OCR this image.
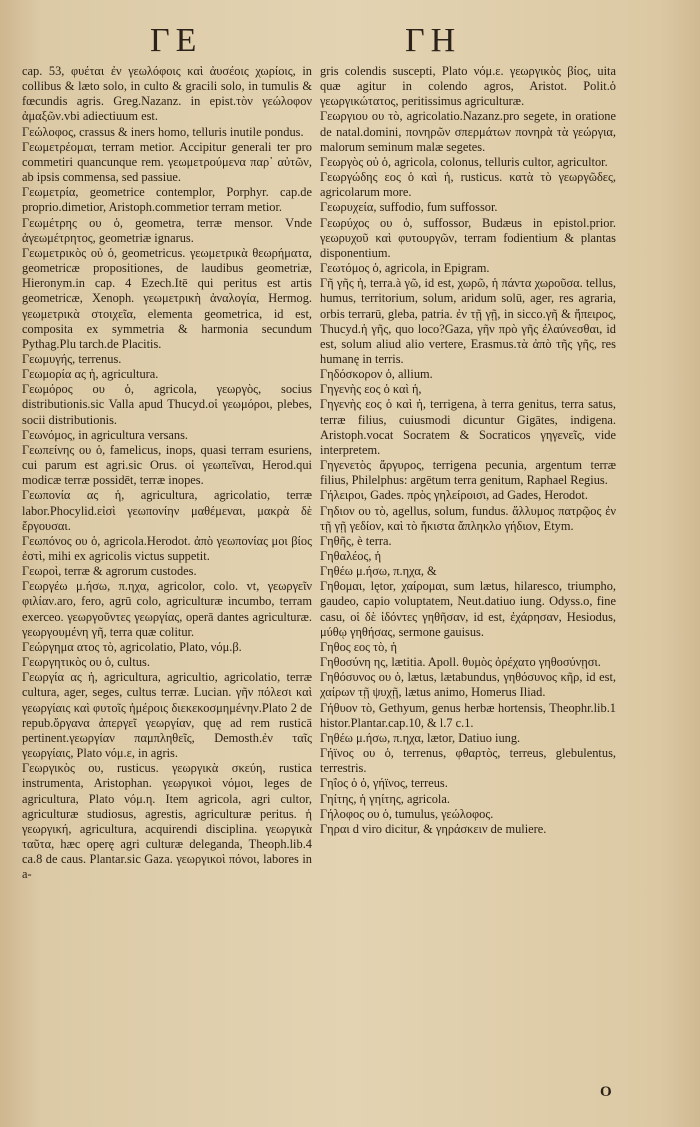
ΓΕ	ΓΗ

cap. 53, φυέται ἐν γεωλόφοις καὶ ἀυσέοις χωρίοις, in collibus & læto solo, in culto & gracili solo, in tumulis & fœcundis agris. Greg.Nazanz. in epist.τὸν γεώλοφον ἀμαξῶν.vbi adiectiuum est.

Γεώλοφος, crassus & iners homo, telluris inutile pondus.

Γεωμετρέομαι, terram metior. Accipitur generali ter pro commetiri quancunque rem. γεωμετρούμενα παρ᾽ αὐτῶν, ab ipsis commensa, sed passiue.

Γεωμετρία, geometrice contemplor, Porphyr. cap.de proprio.dimetior, Aristoph.commetior terram metior.

Γεωμέτρης ου ὁ, geometra, terræ mensor. Vnde ἀγεωμέτρητος, geometriæ ignarus.

Γεωμετρικὸς οὐ ὁ, geometricus. γεωμετρικὰ θεωρήματα, geometricæ propositiones, de laudibus geometriæ, Hieronym.in cap. 4 Ezech.Itē qui peritus est artis geometricæ, Xenoph. γεωμετρικὴ ἀναλογία, Hermog. γεωμετρικὰ στοιχεῖα, elementa geometrica, id est, composita ex symmetria & harmonia secundum Pythag.Plu tarch.de Placitis.

Γεωμυγής, terrenus.

Γεωμορία ας ἡ, agricultura.

Γεωμόρος ου ὁ, agricola, γεωργὸς, socius distributionis.sic Valla apud Thucyd.οἱ γεωμόροι, plebes, socii distributionis.

Γεωνόμος, in agricultura versans.

Γεωπείνης ου ὁ, famelicus, inops, quasi terram esuriens, cui parum est agri.sic Orus. οἱ γεωπεῖναι, Herod.qui modicæ terræ possidēt, terræ inopes.

Γεωπονία ας ἡ, agricultura, agricolatio, terræ labor.Phocylid.εἰσὶ γεωπονίην μαθέμεναι, μακρὰ δὲ ἔργουσαι.

Γεωπόνος ου ὁ, agricola.Herodot. ἀπὸ γεωπονίας μοι βίος ἐστὶ, mihi ex agricolis victus suppetit.

Γεωροὶ, terræ & agrorum custodes.

Γεωργέω μ.ήσω, π.ηχα, agricolor, colo. vt, γεωργεῖν φιλίαν.aro, fero, agrū colo, agriculturæ incumbo, terram exerceo. γεωργοῦντες γεωργίας, operā dantes agriculturæ. γεωργουμένη γῆ, terra quæ colitur.

Γεώργημα ατος τὸ, agricolatio, Plato, νόμ.β.

Γεωργητικὸς ου ὁ, cultus.

Γεωργία ας ἡ, agricultura, agricultio, agricolatio, terræ cultura, ager, seges, cultus terræ. Lucian. γῆν πόλεσι καὶ γεωργίαις καὶ φυτοῖς ἡμέροις διεκεκοσμημένην.Plato 2 de repub.ὄργανα ἀπεργεῖ γεωργίαν, quę ad rem rusticā pertinent.γεωργίαν παμπληθεῖς, Demosth.ἐν ταῖς γεωργίαις, Plato νόμ.ε, in agris.

Γεωργικὸς ου, rusticus. γεωργικὰ σκεύη, rustica instrumenta, Aristophan. γεωργικοὶ νόμοι, leges de agricultura, Plato νόμ.η. Item agricola, agri cultor, agriculturæ studiosus, agrestis, agriculturæ peritus. ἡ γεωργική, agricultura, acquirendi disciplina. γεωργικὰ ταῦτα, hæc operę agri culturæ deleganda, Theoph.lib.4 ca.8 de caus. Plantar.sic Gaza. γεωργικοὶ πόνοι, labores in a-

gris colendis suscepti, Plato νόμ.ε. γεωργικὸς βίος, uita quæ agitur in colendo agros, Aristot. Polit.ὁ γεωργικώτατος, peritissimus agriculturæ.

Γεωργιου ου τὸ, agricolatio.Nazanz.pro segete, in oratione de natal.domini, πονηρῶν σπερμάτων πονηρὰ τὰ γεώργια, malorum seminum malæ segetes.

Γεωργὸς οὐ ὁ, agricola, colonus, telluris cultor, agricultor.

Γεωργώδης εος ὁ καὶ ἡ, rusticus. κατὰ τὸ γεωργῶδες, agricolarum more.

Γεωρυχεία, suffodio, fum suffossor.

Γεωρύχος ου ὁ, suffossor, Budæus in epistol.prior. γεωρυχοῦ καὶ φυτουργῶν, terram fodientium & plantas disponentium.

Γεωτόμος ὁ, agricola, in Epigram.

Γῆ γῆς ἡ, terra.à γῶ, id est, χωρῶ, ἡ πάντα χωροῦσα. tellus, humus, territorium, solum, aridum solū, ager, res agraria, orbis terrarū, gleba, patria. ἐν τῇ γῇ, in sicco.γῆ & ἤπειρος, Thucyd.ἡ γῆς, quo loco?Gaza, γῆν πρὸ γῆς ἐλαύνεσθαι, id est, solum aliud alio vertere, Erasmus.τὰ ἀπὸ τῆς γῆς, res humanę in terris.

Γηδόσκορον ὁ, allium.

Γηγενὴς εος ὁ καὶ ἡ,

Γηγενὴς εος ὁ καὶ ἡ, terrigena, à terra genitus, terra satus, terræ filius, cuiusmodi dicuntur Gigātes, indigena. Aristoph.vocat Socratem & Socraticos γηγενεῖς, vide interpretem.

Γηγενετὸς ἄργυρος, terrigena pecunia, argentum terræ filius, Philelphus: argētum terra genitum, Raphael Regius.

Γήλειροι, Gades. πρὸς γηλείροισι, ad Gades, Herodot.

Γηδιον ου τὸ, agellus, solum, fundus. ἄλλυμος πατρῷος ἐν τῇ γῇ γεδίον, καὶ τὸ ἤκιστα ἄπληκλο γήδιον, Etym.

Γηθῆς, è terra.

Γηθαλέος, ἡ

Γηθέω μ.ήσω, π.ηχα, &

Γηθομαι, lętor, χαίρομαι, sum lætus, hilaresco, triumpho, gaudeo, capio voluptatem, Neut.datiuo iung. Odyss.ο, fine casu, οἱ δὲ ἰδόντες γηθῆσαν, id est, ἐχάρησαν, Hesiodus, μύθῳ γηθήσας, sermone gauisus.

Γηθος εος τὸ, ἡ

Γηθοσύνη ης, lætitia. Apoll. θυμὸς ὀρέχατο γηθοσύνῃσι.

Γηθόσυνος ου ὁ, lætus, lætabundus, γηθόσυνος κῆρ, id est, χαίρων τῇ ψυχῇ, lætus animo, Homerus Iliad.

Γήθυον τὸ, Gethyum, genus herbæ hortensis, Theophr.lib.1 histor.Plantar.cap.10, & l.7 c.1.

Γηθέω μ.ήσω, π.ηχα, lætor, Datiuo iung.

Γήϊνος ου ὁ, terrenus, φθαρτὸς, terreus, glebulentus, terrestris.

Γηΐος ὁ ὁ, γήϊνος, terreus.

Γηίτης, ἡ γηίτης, agricola.

Γήλοφος ου ὁ, tumulus, γεώλοφος.

Γηραι d viro dicitur, & γηράσκειν de muliere.

O
